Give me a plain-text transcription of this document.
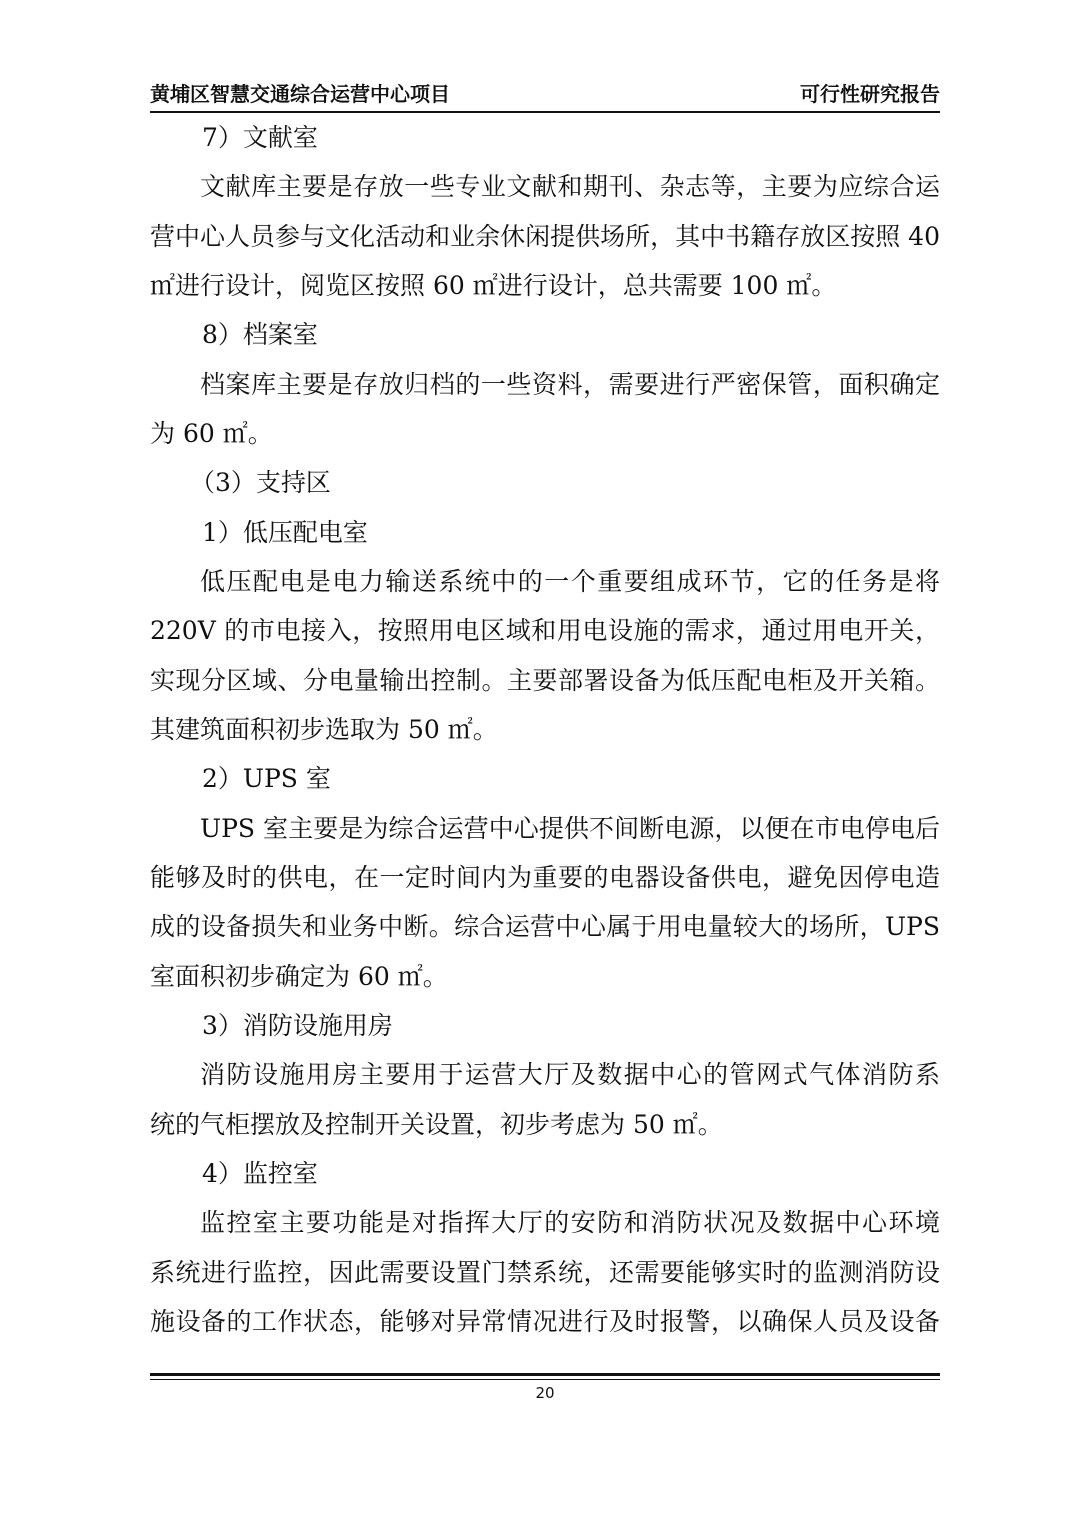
黄埔区智慧交通综合运营中心项目	可行性研究报告
7）文献室
文献库主要是存放一些专业文献和期刊、杂志等，主要为应综合运
营中心人员参与文化活动和业余休闲提供场所，其中书籍存放区按照 40
㎡进行设计，阅览区按照 60 ㎡进行设计，总共需要 100 ㎡。
8）档案室
档案库主要是存放归档的一些资料，需要进行严密保管，面积确定
为 60 ㎡。
（3）支持区
1）低压配电室
低压配电是电力输送系统中的一个重要组成环节，它的任务是将
220V 的市电接入，按照用电区域和用电设施的需求，通过用电开关，
实现分区域、分电量输出控制。主要部署设备为低压配电柜及开关箱。
其建筑面积初步选取为 50 ㎡。
2）UPS 室
UPS 室主要是为综合运营中心提供不间断电源，以便在市电停电后
能够及时的供电，在一定时间内为重要的电器设备供电，避免因停电造
成的设备损失和业务中断。综合运营中心属于用电量较大的场所，UPS
室面积初步确定为 60 ㎡。
3）消防设施用房
消防设施用房主要用于运营大厅及数据中心的管网式气体消防系
统的气柜摆放及控制开关设置，初步考虑为 50 ㎡。
4）监控室
监控室主要功能是对指挥大厅的安防和消防状况及数据中心环境
系统进行监控，因此需要设置门禁系统，还需要能够实时的监测消防设
施设备的工作状态，能够对异常情况进行及时报警，以确保人员及设备
20
